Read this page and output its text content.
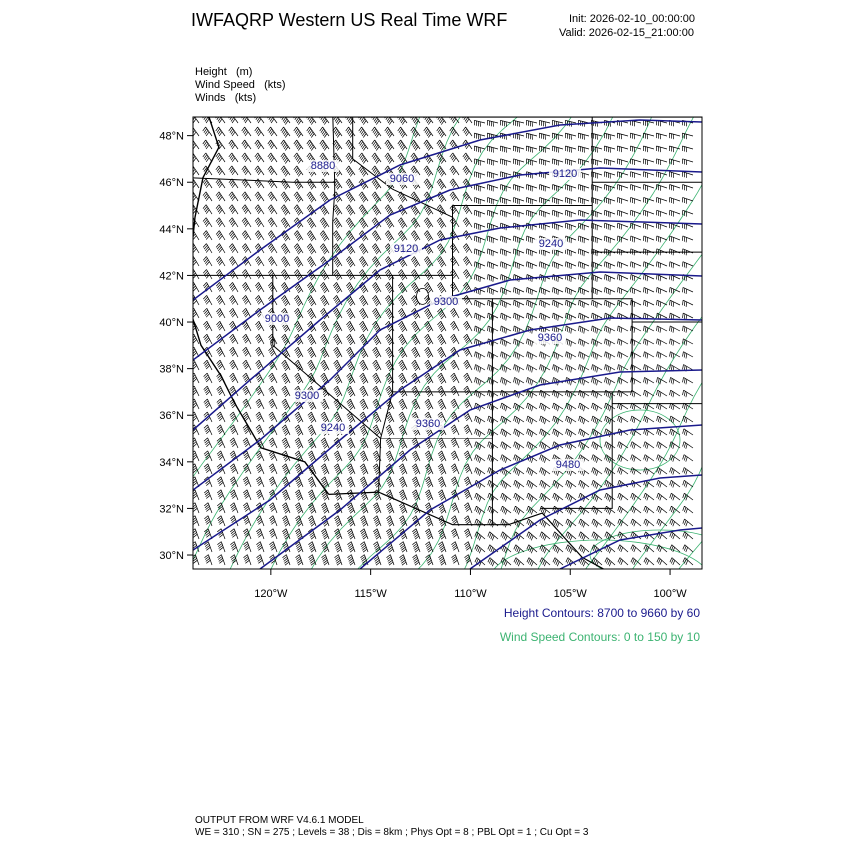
8880
9060
9120
9120
9240
9300
9360
9000
9300
9240	9360
9480
48°N
46°N
44°N
42°N
40°N
38°N
36°N
34°N
32°N
30°N
120°W	115°W	110°W	105°W	100°W
IWFAQRP Western US Real Time WRF	Init: 2026-02-10_00:00:00
Valid: 2026-02-15_21:00:00
Height (m)
Wind Speed (kts)
Winds (kts)
Height Contours: 8700 to 9660 by 60
Wind Speed Contours: 0 to 150 by 10
OUTPUT FROM WRF V4.6.1 MODEL
WE = 310 ; SN = 275 ; Levels = 38 ; Dis = 8km ; Phys Opt = 8 ; PBL Opt = 1 ; Cu Opt = 3
